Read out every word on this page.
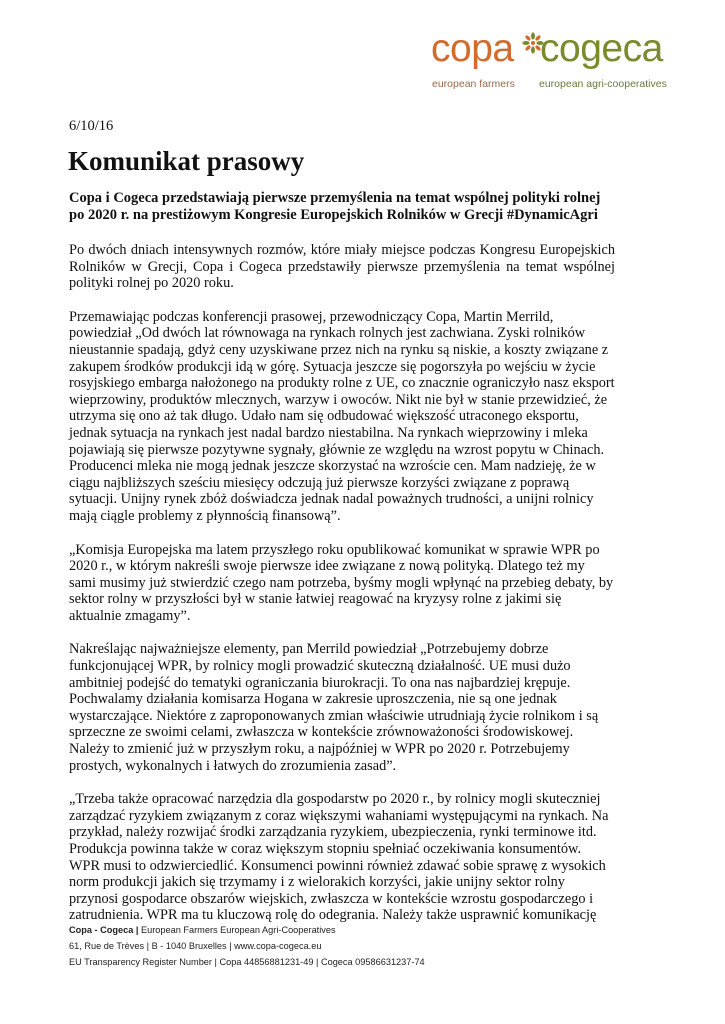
copa cogeca
european farmers european agri-cooperatives
6/10/16
Komunikat prasowy

Copa i Cogeca przedstawiają pierwsze przemyślenia na temat wspólnej polityki rolnej po 2020 r. na prestiżowym Kongresie Europejskich Rolników w Grecji #DynamicAgri

Po dwóch dniach intensywnych rozmów, które miały miejsce podczas Kongresu Europejskich Rolników w Grecji, Copa i Cogeca przedstawiły pierwsze przemyślenia na temat wspólnej polityki rolnej po 2020 roku.

Przemawiając podczas konferencji prasowej, przewodniczący Copa, Martin Merrild, powiedział „Od dwóch lat równowaga na rynkach rolnych jest zachwiana. Zyski rolników nieustannie spadają, gdyż ceny uzyskiwane przez nich na rynku są niskie, a koszty związane z zakupem środków produkcji idą w górę. Sytuacja jeszcze się pogorszyła po wejściu w życie rosyjskiego embarga nałożonego na produkty rolne z UE, co znacznie ograniczyło nasz eksport wieprzowiny, produktów mlecznych, warzyw i owoców. Nikt nie był w stanie przewidzieć, że utrzyma się ono aż tak długo. Udało nam się odbudować większość utraconego eksportu, jednak sytuacja na rynkach jest nadal bardzo niestabilna. Na rynkach wieprzowiny i mleka pojawiają się pierwsze pozytywne sygnały, głównie ze względu na wzrost popytu w Chinach. Producenci mleka nie mogą jednak jeszcze skorzystać na wzroście cen. Mam nadzieję, że w ciągu najbliższych sześciu miesięcy odczują już pierwsze korzyści związane z poprawą sytuacji. Unijny rynek zbóż doświadcza jednak nadal poważnych trudności, a unijni rolnicy mają ciągle problemy z płynnością finansową”.

„Komisja Europejska ma latem przyszłego roku opublikować komunikat w sprawie WPR po 2020 r., w którym nakreśli swoje pierwsze idee związane z nową polityką. Dlatego też my sami musimy już stwierdzić czego nam potrzeba, byśmy mogli wpłynąć na przebieg debaty, by sektor rolny w przyszłości był w stanie łatwiej reagować na kryzysy rolne z jakimi się aktualnie zmagamy”.

Nakreślając najważniejsze elementy, pan Merrild powiedział „Potrzebujemy dobrze funkcjonującej WPR, by rolnicy mogli prowadzić skuteczną działalność. UE musi dużo ambitniej podejść do tematyki ograniczania biurokracji. To ona nas najbardziej krępuje. Pochwalamy działania komisarza Hogana w zakresie uproszczenia, nie są one jednak wystarczające. Niektóre z zaproponowanych zmian właściwie utrudniają życie rolnikom i są sprzeczne ze swoimi celami, zwłaszcza w kontekście zrównoważoności środowiskowej. Należy to zmienić już w przyszłym roku, a najpóźniej w WPR po 2020 r. Potrzebujemy prostych, wykonalnych i łatwych do zrozumienia zasad”.

„Trzeba także opracować narzędzia dla gospodarstw po 2020 r., by rolnicy mogli skuteczniej zarządzać ryzykiem związanym z coraz większymi wahaniami występującymi na rynkach. Na przykład, należy rozwijać środki zarządzania ryzykiem, ubezpieczenia, rynki terminowe itd. Produkcja powinna także w coraz większym stopniu spełniać oczekiwania konsumentów. WPR musi to odzwierciedlić. Konsumenci powinni również zdawać sobie sprawę z wysokich norm produkcji jakich się trzymamy i z wielorakich korzyści, jakie unijny sektor rolny przynosi gospodarce obszarów wiejskich, zwłaszcza w kontekście wzrostu gospodarczego i zatrudnienia. WPR ma tu kluczową rolę do odegrania. Należy także usprawnić komunikację

Copa - Cogeca | European Farmers European Agri-Cooperatives
61, Rue de Trèves | B - 1040 Bruxelles | www.copa-cogeca.eu
EU Transparency Register Number | Copa 44856881231-49 | Cogeca 09586631237-74
